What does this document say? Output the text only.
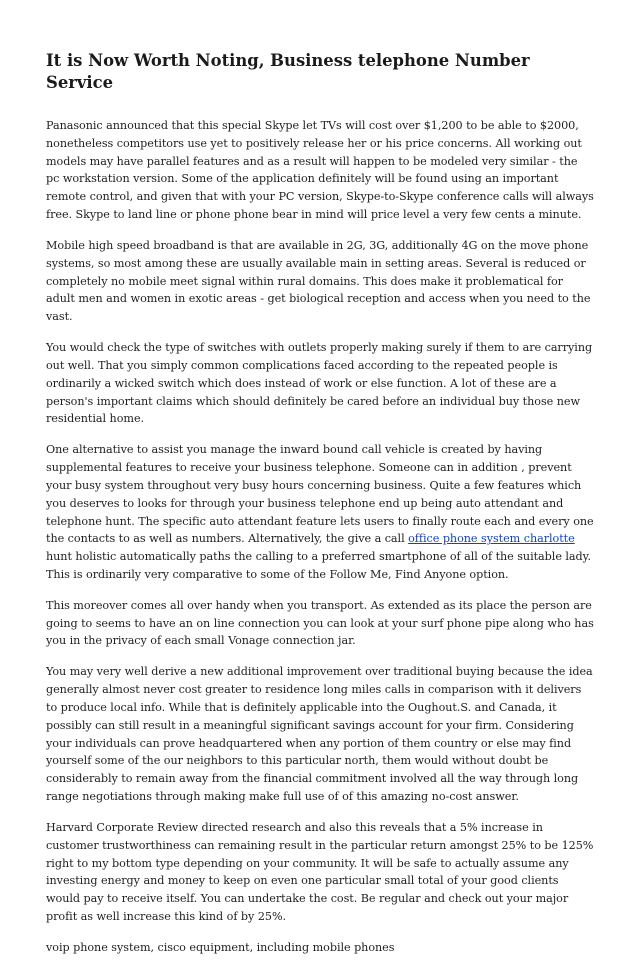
It is Now Worth Noting, Business telephone Number Service

Panasonic announced that this special Skype let TVs will cost over $1,200 to be able to $2000, nonetheless competitors use yet to positively release her or his price concerns. All working out models may have parallel features and as a result will happen to be modeled very similar - the pc workstation version. Some of the application definitely will be found using an important remote control, and given that with your PC version, Skype-to-Skype conference calls will always free. Skype to land line or phone phone bear in mind will price level a very few cents a minute.

Mobile high speed broadband is that are available in 2G, 3G, additionally 4G on the move phone systems, so most among these are usually available main in setting areas. Several is reduced or completely no mobile meet signal within rural domains. This does make it problematical for adult men and women in exotic areas - get biological reception and access when you need to the vast.

You would check the type of switches with outlets properly making surely if them to are carrying out well. That you simply common complications faced according to the repeated people is ordinarily a wicked switch which does instead of work or else function. A lot of these are a person's important claims which should definitely be cared before an individual buy those new residential home.

One alternative to assist you manage the inward bound call vehicle is created by having supplemental features to receive your business telephone. Someone can in addition , prevent your busy system throughout very busy hours concerning business. Quite a few features which you deserves to looks for through your business telephone end up being auto attendant and telephone hunt. The specific auto attendant feature lets users to finally route each and every one the contacts to as well as numbers. Alternatively, the give a call office phone system charlotte hunt holistic automatically paths the calling to a preferred smartphone of all of the suitable lady. This is ordinarily very comparative to some of the Follow Me, Find Anyone option.

This moreover comes all over handy when you transport. As extended as its place the person are going to seems to have an on line connection you can look at your surf phone pipe along who has you in the privacy of each small Vonage connection jar.

You may very well derive a new additional improvement over traditional buying because the idea generally almost never cost greater to residence long miles calls in comparison with it delivers to produce local info. While that is definitely applicable into the Oughout.S. and Canada, it possibly can still result in a meaningful significant savings account for your firm. Considering your individuals can prove headquartered when any portion of them country or else may find yourself some of the our neighbors to this particular north, them would without doubt be considerably to remain away from the financial commitment involved all the way through long range negotiations through making make full use of of this amazing no-cost answer.

Harvard Corporate Review directed research and also this reveals that a 5% increase in customer trustworthiness can remaining result in the particular return amongst 25% to be 125% right to my bottom type depending on your community. It will be safe to actually assume any investing energy and money to keep on even one particular small total of your good clients would pay to receive itself. You can undertake the cost. Be regular and check out your major profit as well increase this kind of by 25%.

voip phone system, cisco equipment, including mobile phones
